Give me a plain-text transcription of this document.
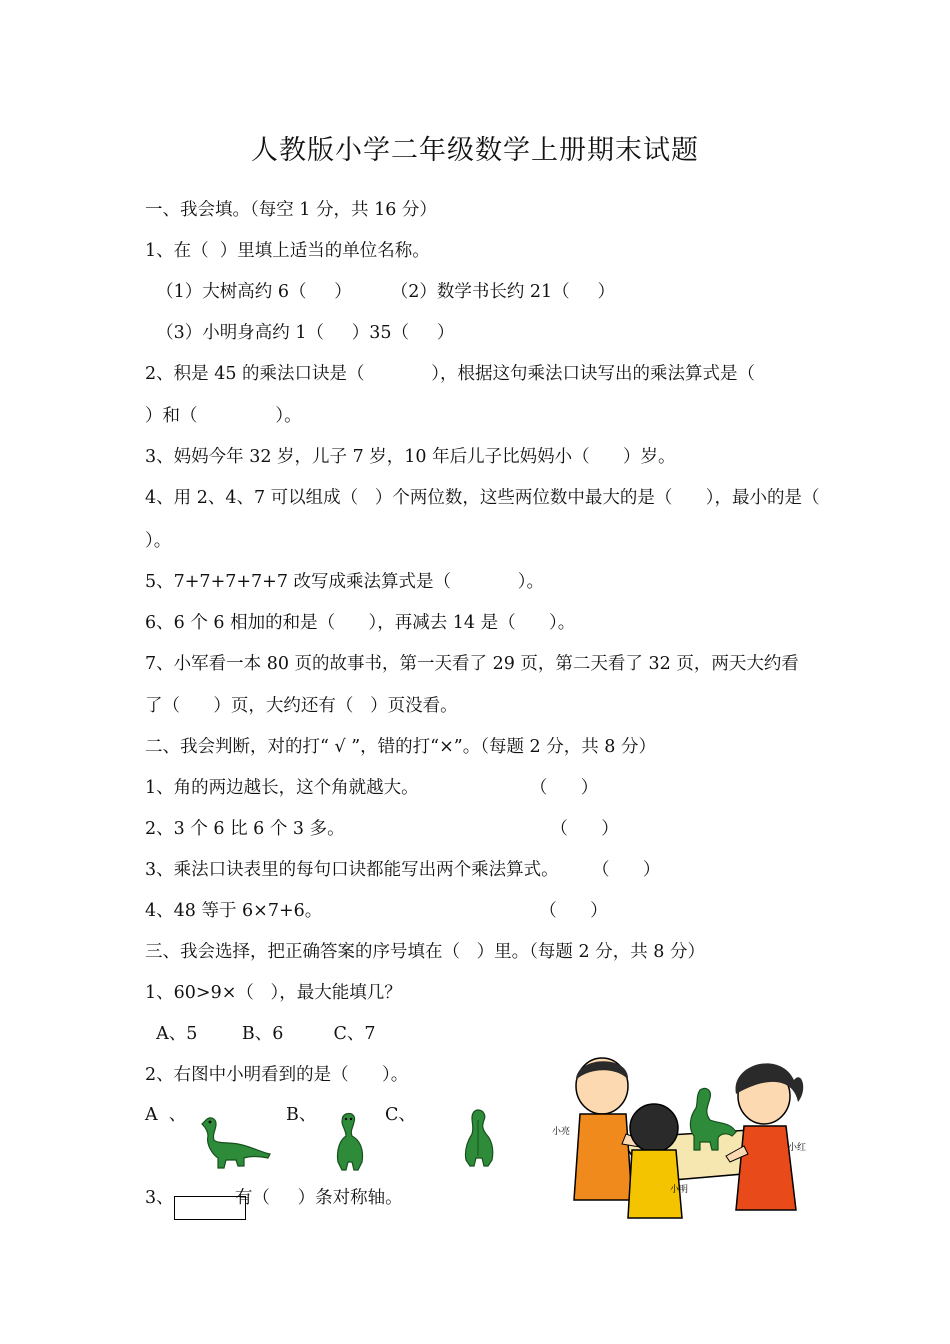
人教版小学二年级数学上册期末试题
一、我会填。（每空 1 分，共 16 分）
1、在（  ）里填上适当的单位名称。
（1）大树高约 6（     ）       （2）数学书长约 21（     ）
（3）小明身高约 1（     ）35（     ）
2、积是 45 的乘法口诀是（            ），根据这句乘法口诀写出的乘法算式是（
）和（              ）。
3、妈妈今年 32 岁，儿子 7 岁，10 年后儿子比妈妈小（      ）岁。
4、用 2、4、7 可以组成（   ）个两位数，这些两位数中最大的是（      ），最小的是（
）。
5、7+7+7+7+7 改写成乘法算式是（            ）。
6、6 个 6 相加的和是（      ），再减去 14 是（      ）。
7、小军看一本 80 页的故事书，第一天看了 29 页，第二天看了 32 页，两天大约看
了（      ）页，大约还有（   ）页没看。
二、我会判断，对的打“ √ ”，错的打“×”。（每题 2 分，共 8 分）
1、角的两边越长，这个角就越大。                    （      ）
2、3 个 6 比 6 个 3 多。                                     （      ）
3、乘法口诀表里的每句口诀都能写出两个乘法算式。      （      ）
4、48 等于 6×7+6。                                       （      ）
三、我会选择，把正确答案的序号填在（   ）里。（每题 2 分，共 8 分）
1、60>9×（   ），最大能填几？
A、5        B、6         C、7
2、右图中小明看到的是（      ）。
A  、	B、	C、
小亮
小明
小红
3、           有（     ）条对称轴。
